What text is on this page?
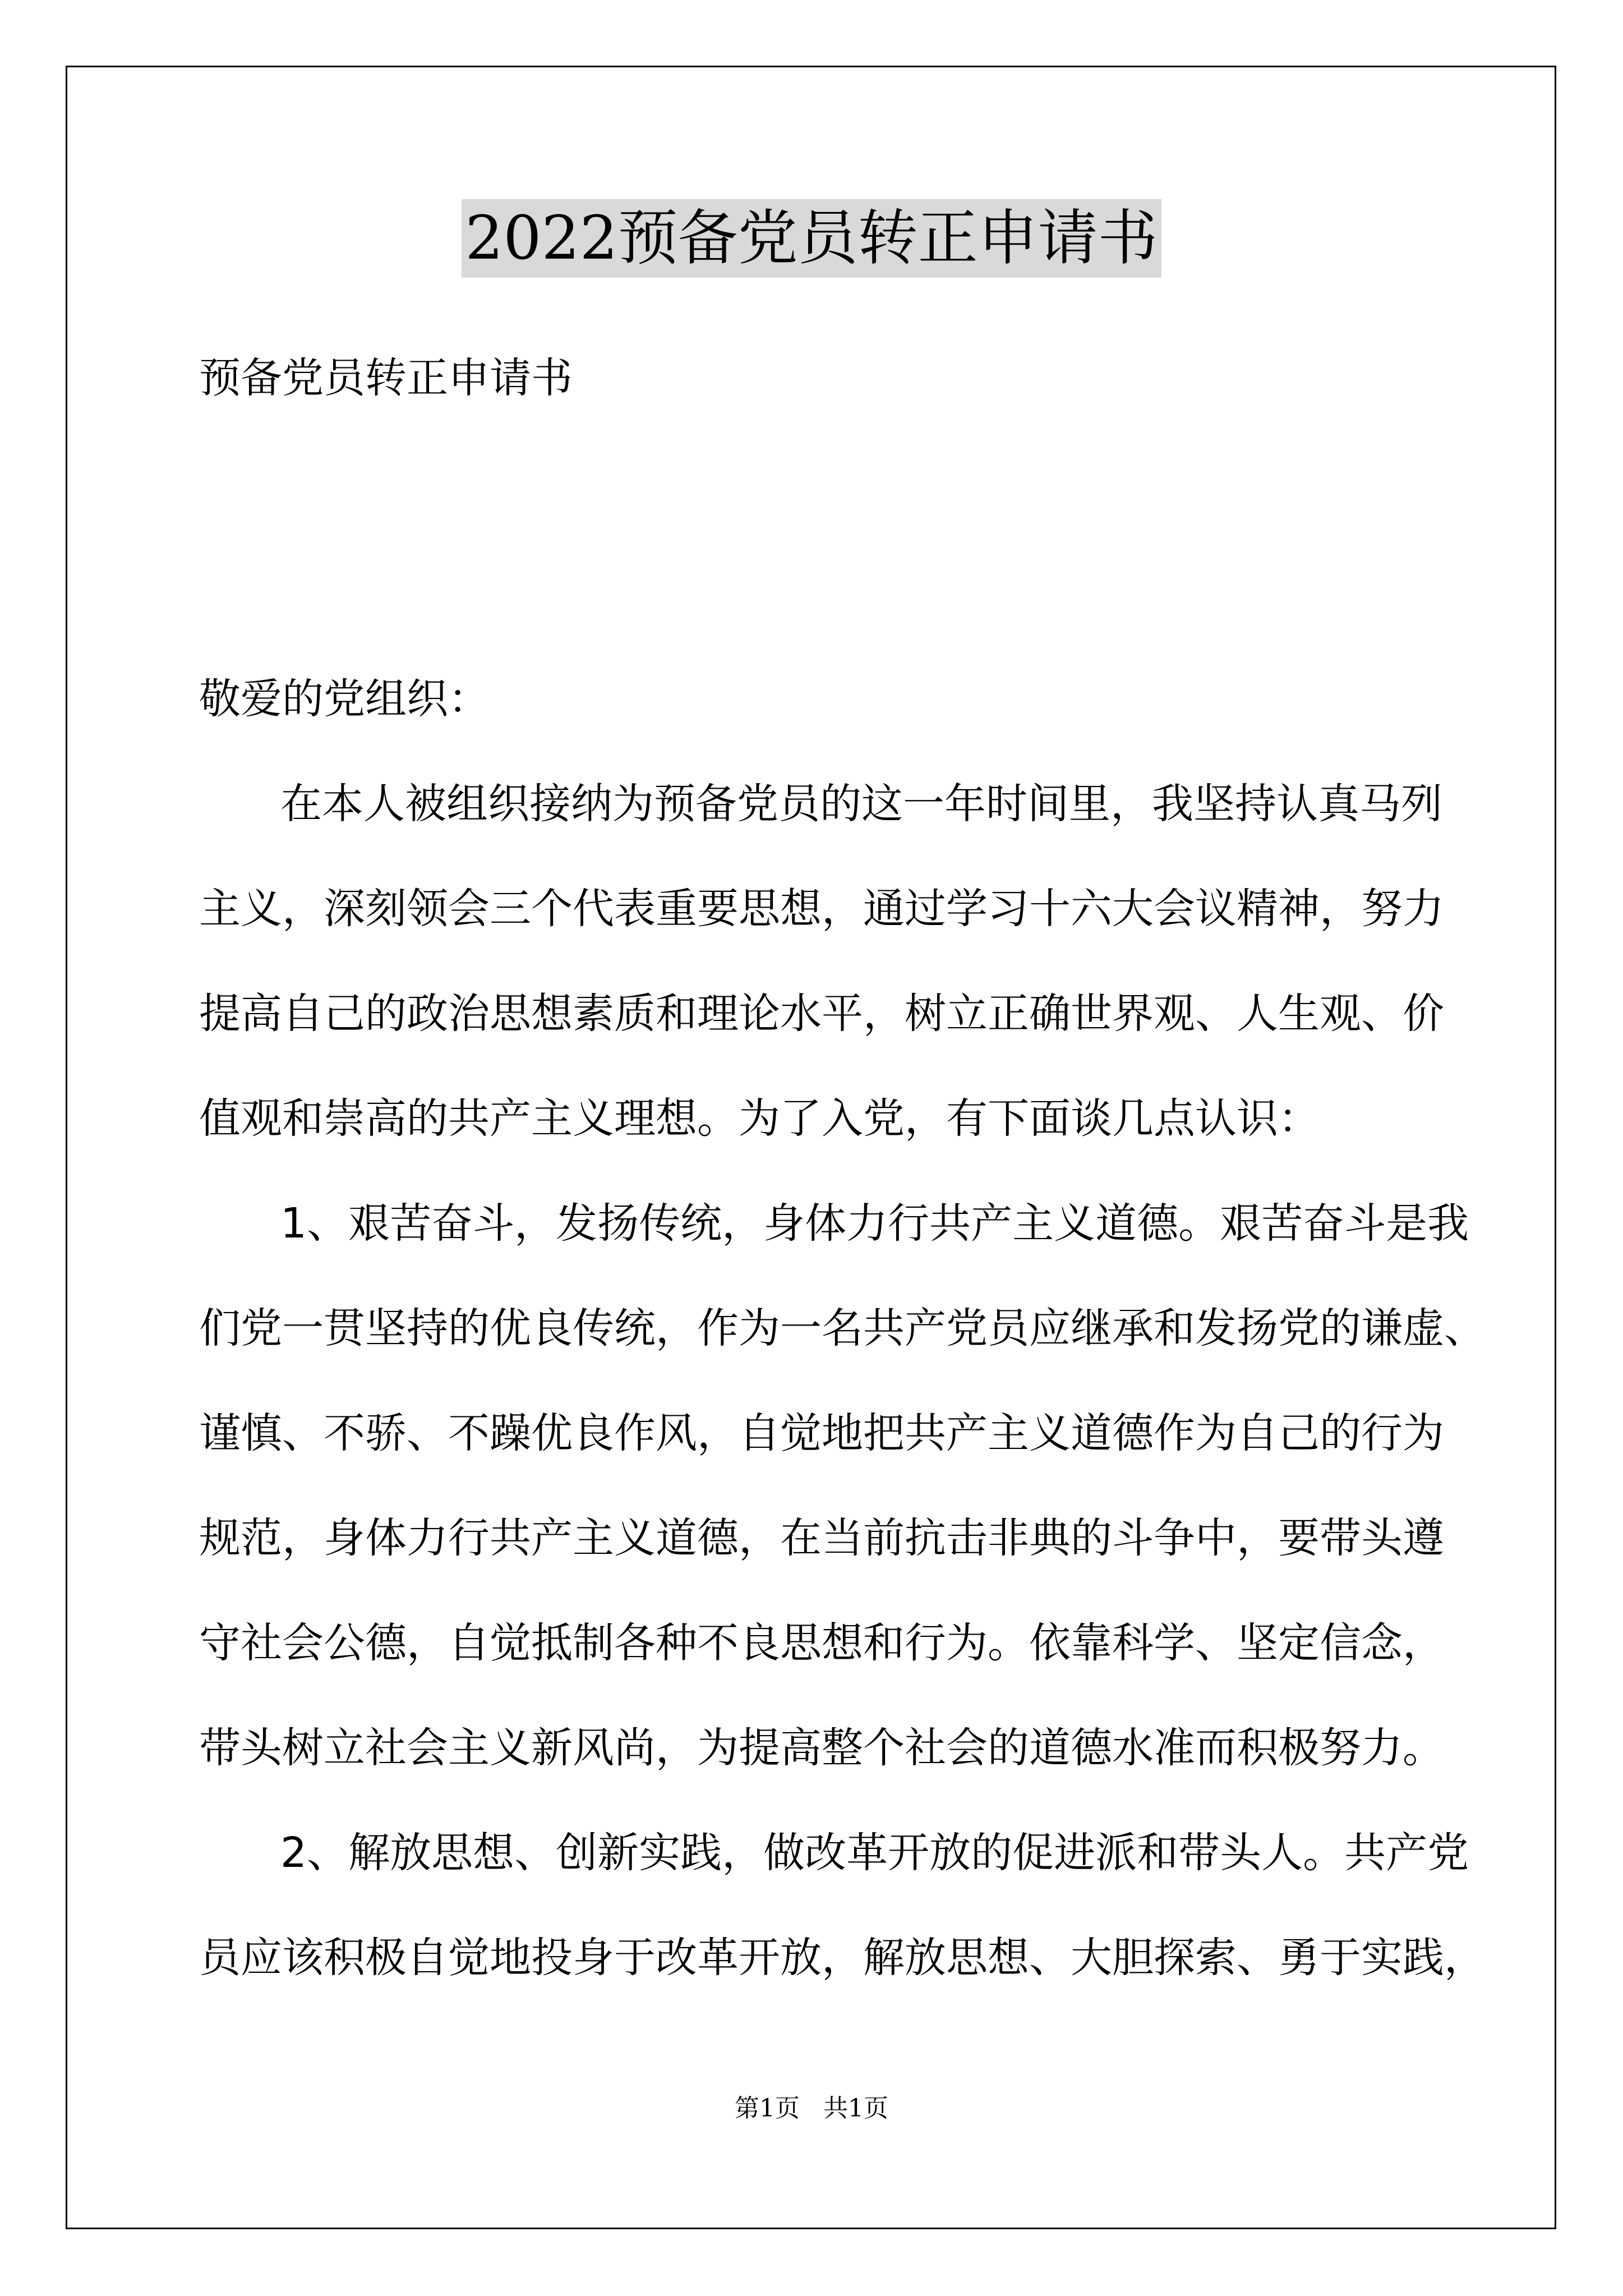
2022预备党员转正申请书
预备党员转正申请书
敬爱的党组织：
在本人被组织接纳为预备党员的这一年时间里，我坚持认真马列
主义，深刻领会三个代表重要思想，通过学习十六大会议精神，努力
提高自己的政治思想素质和理论水平，树立正确世界观、人生观、价
值观和崇高的共产主义理想。为了入党，有下面谈几点认识：
1、艰苦奋斗，发扬传统，身体力行共产主义道德。艰苦奋斗是我
们党一贯坚持的优良传统，作为一名共产党员应继承和发扬党的谦虚、
谨慎、不骄、不躁优良作风，自觉地把共产主义道德作为自己的行为
规范，身体力行共产主义道德，在当前抗击非典的斗争中，要带头遵
守社会公德，自觉抵制各种不良思想和行为。依靠科学、坚定信念，
带头树立社会主义新风尚，为提高整个社会的道德水准而积极努力。
2、解放思想、创新实践，做改革开放的促进派和带头人。共产党
员应该积极自觉地投身于改革开放，解放思想、大胆探索、勇于实践，
第1页   共1页
